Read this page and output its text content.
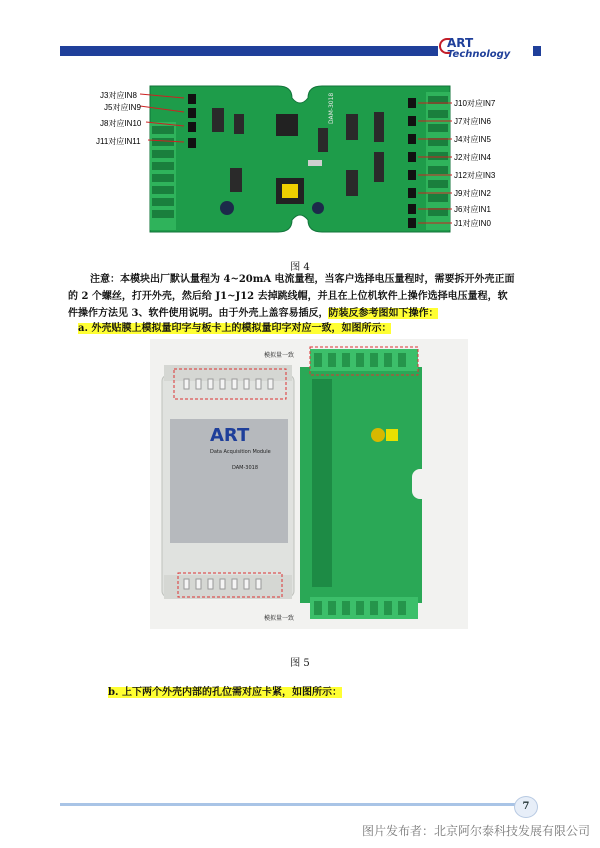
ART
Technology
DAM-3018
J3对应IN8
J5对应IN9
J8对应IN10
J11对应IN11
J10对应IN7
J7对应IN6
J4对应IN5
J2对应IN4
J12对应IN3
J9对应IN2
J6对应IN1
J1对应IN0
图 4
注意：本模块出厂默认量程为 4~20mA 电流量程，当客户选择电压量程时，需要拆开外壳正面
的 2 个螺丝，打开外壳，然后给 J1~J12 去掉跳线帽，并且在上位机软件上操作选择电压量程，软
件操作方法见 3、软件使用说明。由于外壳上盖容易插反，防装反参考图如下操作：
a. 外壳贴膜上模拟量印字与板卡上的模拟量印字对应一致，如图所示：
ART
Data Acquisition Module
DAM-3018
模拟量一致
模拟量一致
图 5
b. 上下两个外壳内部的孔位需对应卡紧，如图所示：
7
图片发布者：北京阿尔泰科技发展有限公司
